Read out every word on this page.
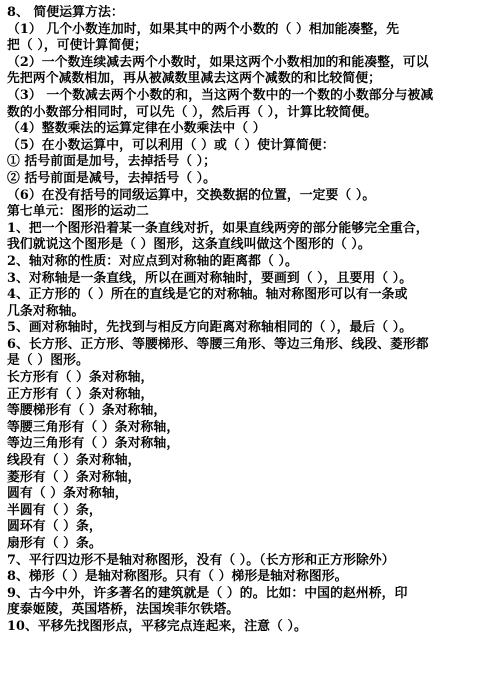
8、 简便运算方法：
（1） 几个小数连加时，如果其中的两个小数的（ ）相加能凑整，先
把（ ），可使计算简便；
（2）一个数连续减去两个小数时，如果这两个小数相加的和能凑整，可以
先把两个减数相加，再从被减数里减去这两个减数的和比较简便；
（3） 一个数减去两个小数的和，当这两个数中的一个数的小数部分与被减
数的小数部分相同时，可以先（ ），然后再（ ），计算比较简便。
（4）整数乘法的运算定律在小数乘法中（ ）
（5）在小数运算中，可以利用（ ）或（ ）使计算简便：
① 括号前面是加号，去掉括号（ ）；
② 括号前面是减号，去掉括号（ ）。
（6）在没有括号的同级运算中，交换数据的位置，一定要（ ）。
第七单元：图形的运动二
1、把一个图形沿着某一条直线对折，如果直线两旁的部分能够完全重合，
我们就说这个图形是（ ）图形，这条直线叫做这个图形的（ ）。
2、轴对称的性质：对应点到对称轴的距离都（ ）。
3、对称轴是一条直线，所以在画对称轴时，要画到（ ），且要用（ ）。
4、正方形的（ ）所在的直线是它的对称轴。轴对称图形可以有一条或
几条对称轴。
5、画对称轴时，先找到与相反方向距离对称轴相同的（ ），最后（ ）。
6、长方形、正方形、等腰梯形、等腰三角形、等边三角形、线段、菱形都
是（ ）图形。
长方形有（ ）条对称轴，
正方形有（ ）条对称轴，
等腰梯形有（ ）条对称轴，
等腰三角形有（ ）条对称轴，
等边三角形有（ ）条对称轴，
线段有（ ）条对称轴，
菱形有（ ）条对称轴，
圆有（ ）条对称轴，
半圆有（ ）条，
圆环有（ ）条，
扇形有（ ）条。
7、平行四边形不是轴对称图形，没有（ ）。（长方形和正方形除外）
8、梯形（ ）是轴对称图形。只有（ ）梯形是轴对称图形。
9、古今中外，许多著名的建筑就是（ ）的。比如：中国的赵州桥，印
度泰姬陵，英国塔桥，法国埃菲尔铁塔。
10、平移先找图形点，平移完点连起来，注意（ ）。
